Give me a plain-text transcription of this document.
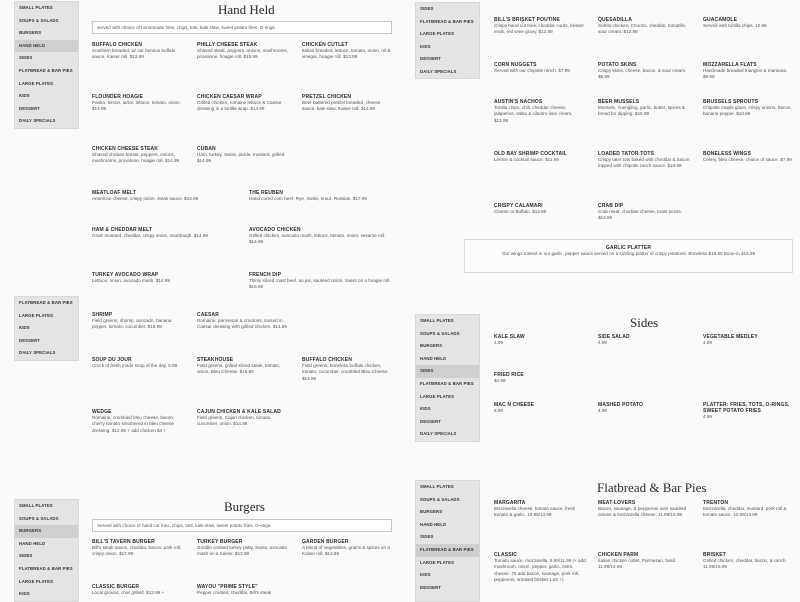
SMALL PLATES
SOUPS & SALADS
BURGERS
HAND HELD
SIDES
FLATBREAD & BAR PIES
LARGE PLATES
KIDS
DESSERT
DAILY SPECIALS
SIDES
FLATBREAD & BAR PIES
LARGE PLATES
KIDS
DESSERT
DAILY SPECIALS
FLATBREAD & BAR PIES
LARGE PLATES
KIDS
DESSERT
DAILY SPECIALS
SMALL PLATES
SOUPS & SALADS
BURGERS
HAND HELD
SIDES
FLATBREAD & BAR PIES
LARGE PLATES
KIDS
DESSERT
DAILY SPECIALS
SMALL PLATES
SOUPS & SALADS
BURGERS
HAND HELD
SIDES
FLATBREAD & BAR PIES
LARGE PLATES
KIDS
SMALL PLATES
SOUPS & SALADS
BURGERS
HAND HELD
SIDES
FLATBREAD & BAR PIES
LARGE PLATES
KIDS
DESSERT
Hand Held
served with choice of:homemade fries, chips, tots, kale slaw, sweet potato fries, O-rings.
BUFFALO CHICKEN
Southern breaded, w/ our famous buffalo sauce, Kaiser roll. $13.99
PHILLY CHEESE STEAK
Shaved steak, peppers, onions, mushrooms, provolone, hoagie roll. $15.99
CHICKEN CUTLET
Italian breaded, lettuce, tomato, onion, oil & vinegar, hoagie roll. $13.99
FLOUNDER HOAGIE
Panko, lemon, tartar, lettuce, tomato, onion. $14.99
CHICKEN CAESAR WRAP
Grilled chicken, romaine lettuce & Caesar dressing in a tortilla wrap. $14.99
PRETZEL CHICKEN
Beer battered pretzel breaded, cheese sauce, kale slaw, Kaiser roll. $14.99
CUBAN
Ham, turkey, Swiss, pickle, mustard, grilled. $14.99
CHICKEN CHEESE STEAK
Shaved chicken breast, peppers, onions, mushrooms, provolone, hoagie roll. $14.99
MEATLOAF MELT
American cheese, crispy onion, steak sauce. $14.99
THE REUBEN
Hand cured corn beef, Rye, Swiss, kraut, Russian. $17.99
HAM & CHEDDAR MELT
Grain mustard, cheddar, crispy onion, sourdough. $14.99
AVOCADO CHICKEN
Grilled chicken, avocado mash, lettuce, tomato, onion, sesame roll. $14.99
TURKEY AVOCADO WRAP
Lettuce, onion, avocado mash. $14.99
FRENCH DIP
Thinly sliced roast beef, au jus, sautéed onion, Swiss on a hoagie roll. $15.99
BILL'S BRISKET POUTINE
Crispy hand cut fries, cheddar curds, brisket ends, red wine gravy. $12.99
QUESADILLA
Sofrito chicken, Chorizo, cheddar, tomatillo, sour cream. $12.99
GUACAMOLE
Served with tortilla chips. 10.99
CORN NUGGETS
Served with our chipotle ranch. $7.99
POTATO SKINS
Crispy skins, cheese, bacon, & sour cream. $8.99
MOZZARELLA FLATS
Handmade breaded triangles & marinara. $9.99
AUSTIN'S NACHOS
Tortilla chips, chili, cheddar cheese, jalapeños, salsa & cilantro lime cream. $12.99
BEER MUSSELS
Mussels, Yuengling, garlic, butter, spices & bread for dipping. $15.99
BRUSSELS SPROUTS
Chipotle maple glaze, crispy onions, bacon, banana pepper. $10.99
OLD BAY SHRIMP COCKTAIL
Lemon & cocktail sauce. $11.99
LOADED TATOR TOTS
Crispy tater tots baked with cheddar & bacon topped with chipotle ranch sauce. $10.99
BONELESS WINGS
Celery, bleu cheese, choice of sauce. $7.99
CRISPY CALAMARI
Classic or Buffalo. $12.99
CRAB DIP
Crab meat, cheddar cheese, toast points. $13.99
GARLIC PLATTER
Our wings tossed in our garlic, pepper sauce served on a sizzling platter of crispy potatoes. Boneless $15.99 Bone-in $16.99
SHRIMP
Field greens, shrimp, avocado, banana pepper, tomato, cucumber. $19.99
CAESAR
Romaine, parmesan & croutons, tossed in Caesar dressing with grilled chicken. $14.99
SOUP DU JOUR
Crock of fresh made soup of the day. 5.99
STEAKHOUSE
Field greens, grilled sliced steak, tomato, onion, Bleu Cheese. $18.99
BUFFALO CHICKEN
Field greens, boneless buffalo chicken, tomato, cucumber, crumbled Bleu Cheese. $14.99
WEDGE
Romaine, crumbled bleu cheese, bacon, cherry tomato smothered in bleu cheese dressing. $12.99 + add chicken $4 +
CAJUN CHICKEN & KALE SALAD
Field greens, Cajun chicken, tomato, cucumber, onion. $14.99
Sides
KALE SLAW
2.99
SIDE SALAD
4.99
VEGETABLE MEDLEY
4.99
FRIED RICE
$4.99
MAC N CHEESE
6.99
MASHED POTATO
4.99
PLATTER: FRIES, TOTS, O-RINGS, SWEET POTATO FRIES
4.99
Burgers
Served with choice of hand cut fries, chips, tots, kale slaw, sweet potato fries, O-rings.
BILL'S TAVERN BURGER
Bill's steak sauce, cheddar, bacon, pork roll, crispy onion. $17.99
TURKEY BURGER
Griddle cooked turkey patty, Swiss, avocado mash on a Kaiser. $13.99
GARDEN BURGER
A blend of vegetables, grains & spices on a Kaiser roll. $13.99
CLASSIC BURGER
Local ground, char grilled. $13.99 +
WAYOU "PRIME STYLE"
Pepper crusted, cheddar, Bill's steak
Flatbread & Bar Pies
MARGARITA
Mozzarella cheese, tomato sauce, fresh tomato & garlic. 10.99/14.99
MEAT-LOVERS
Bacon, sausage, & pepperoni over sautéed onions & mozzarella cheese. 11.99/15.99
TRENTON
Mozzarella, cheddar, mustard, pork roll & tomato sauce. 10.99/13.99
CLASSIC
Tomato sauce, mozzarella. 9.99/11.99 (+ add mushroom, onion, pepper, garlic, extra cheese .75 add bacon, sausage, pork roll, pepperoni, smoked brisket 1.50 +)
CHICKEN PARM
Italian chicken cutlet, Parmesan, basil. 11.99/14.99
BRISKET
Grilled chicken, cheddar, bacon, & ranch. 11.99/15.99
